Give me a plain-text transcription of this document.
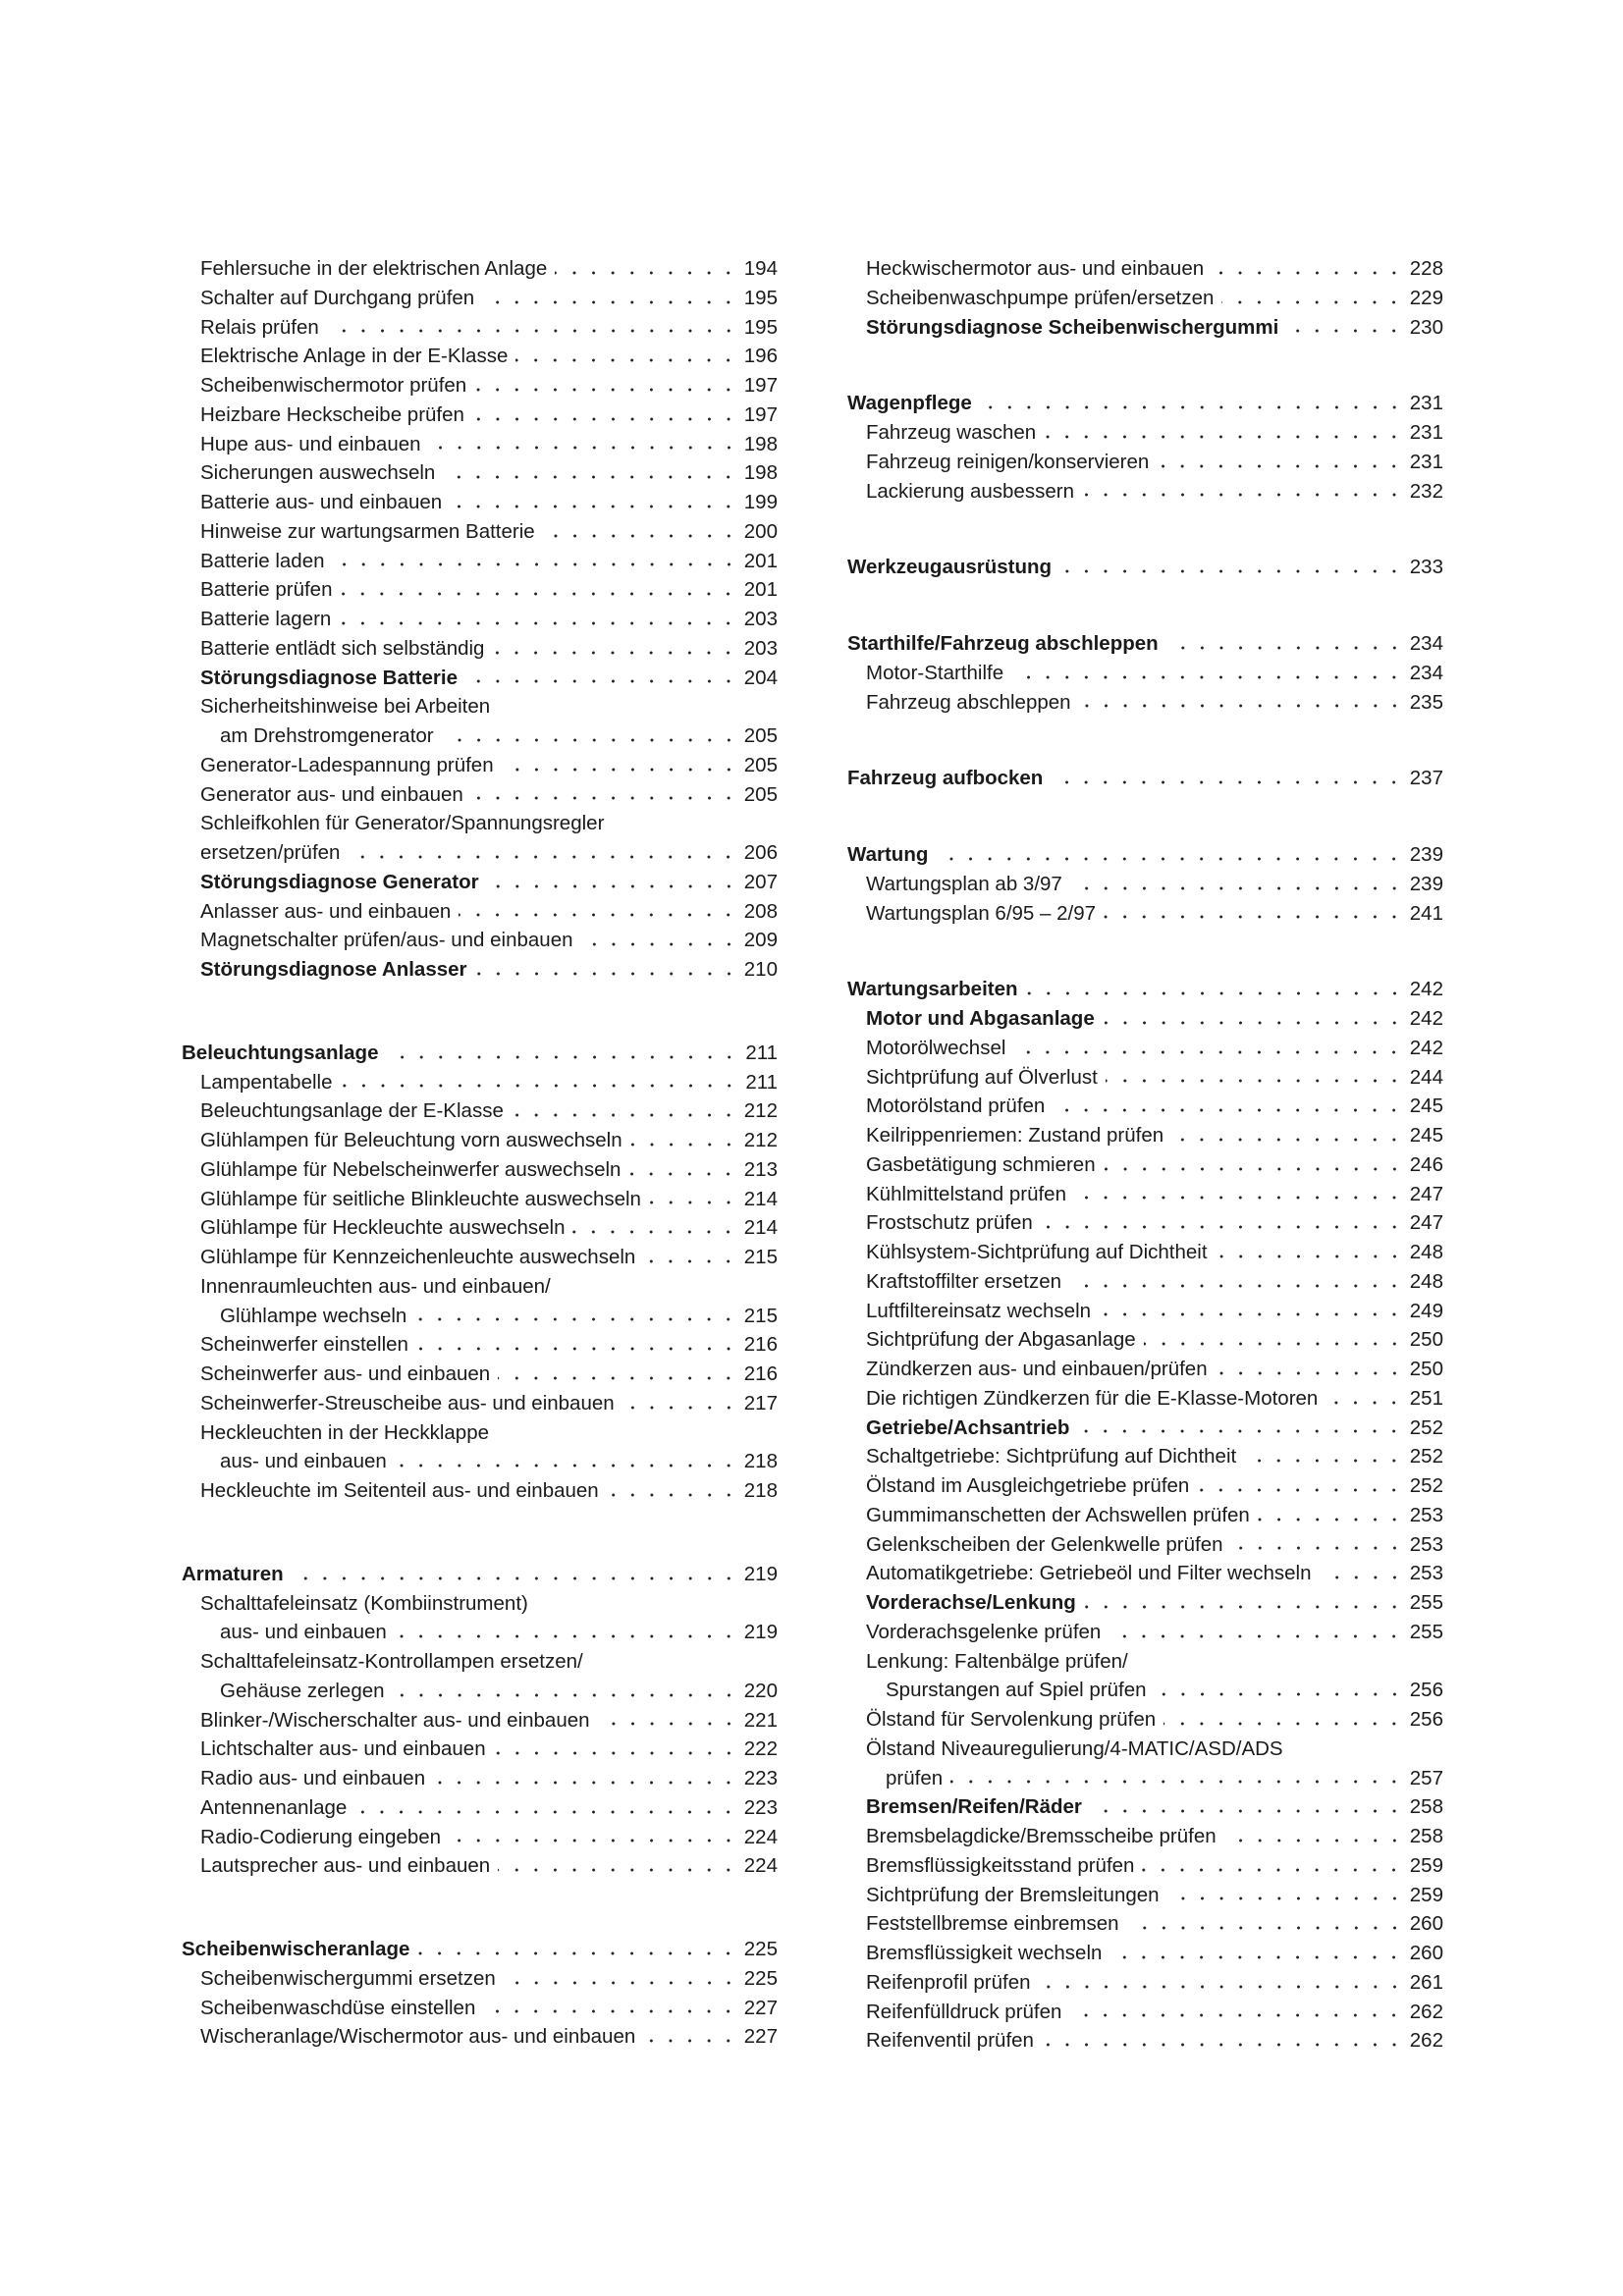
Fehlersuche in der elektrischen Anlage	194
Schalter auf Durchgang prüfen	195
Relais prüfen	195
Elektrische Anlage in der E-Klasse	196
Scheibenwischermotor prüfen	197
Heizbare Heckscheibe prüfen	197
Hupe aus- und einbauen	198
Sicherungen auswechseln	198
Batterie aus- und einbauen	199
Hinweise zur wartungsarmen Batterie	200
Batterie laden	201
Batterie prüfen	201
Batterie lagern	203
Batterie entlädt sich selbständig	203
Störungsdiagnose Batterie	204
Sicherheitshinweise bei Arbeiten
am Drehstromgenerator	205
Generator-Ladespannung prüfen	205
Generator aus- und einbauen	205
Schleifkohlen für Generator/Spannungsregler
ersetzen/prüfen	206
Störungsdiagnose Generator	207
Anlasser aus- und einbauen	208
Magnetschalter prüfen/aus- und einbauen	209
Störungsdiagnose Anlasser	210
Beleuchtungsanlage	211
Lampentabelle	211
Beleuchtungsanlage der E-Klasse	212
Glühlampen für Beleuchtung vorn auswechseln	212
Glühlampe für Nebelscheinwerfer auswechseln	213
Glühlampe für seitliche Blinkleuchte auswechseln	214
Glühlampe für Heckleuchte auswechseln	214
Glühlampe für Kennzeichenleuchte auswechseln	215
Innenraumleuchten aus- und einbauen/
Glühlampe wechseln	215
Scheinwerfer einstellen	216
Scheinwerfer aus- und einbauen	216
Scheinwerfer-Streuscheibe aus- und einbauen	217
Heckleuchten in der Heckklappe
aus- und einbauen	218
Heckleuchte im Seitenteil aus- und einbauen	218
Armaturen	219
Schalttafeleinsatz (Kombiinstrument)
aus- und einbauen	219
Schalttafeleinsatz-Kontrollampen ersetzen/
Gehäuse zerlegen	220
Blinker-/Wischerschalter aus- und einbauen	221
Lichtschalter aus- und einbauen	222
Radio aus- und einbauen	223
Antennenanlage	223
Radio-Codierung eingeben	224
Lautsprecher aus- und einbauen	224
Scheibenwischeranlage	225
Scheibenwischergummi ersetzen	225
Scheibenwaschdüse einstellen	227
Wischeranlage/Wischermotor aus- und einbauen	227
Heckwischermotor aus- und einbauen	228
Scheibenwaschpumpe prüfen/ersetzen	229
Störungsdiagnose Scheibenwischergummi	230
Wagenpflege	231
Fahrzeug waschen	231
Fahrzeug reinigen/konservieren	231
Lackierung ausbessern	232
Werkzeugausrüstung	233
Starthilfe/Fahrzeug abschleppen	234
Motor-Starthilfe	234
Fahrzeug abschleppen	235
Fahrzeug aufbocken	237
Wartung	239
Wartungsplan ab 3/97	239
Wartungsplan 6/95 – 2/97	241
Wartungsarbeiten	242
Motor und Abgasanlage	242
Motorölwechsel	242
Sichtprüfung auf Ölverlust	244
Motorölstand prüfen	245
Keilrippenriemen: Zustand prüfen	245
Gasbetätigung schmieren	246
Kühlmittelstand prüfen	247
Frostschutz prüfen	247
Kühlsystem-Sichtprüfung auf Dichtheit	248
Kraftstoffilter ersetzen	248
Luftfiltereinsatz wechseln	249
Sichtprüfung der Abgasanlage	250
Zündkerzen aus- und einbauen/prüfen	250
Die richtigen Zündkerzen für die E-Klasse-Motoren	251
Getriebe/Achsantrieb	252
Schaltgetriebe: Sichtprüfung auf Dichtheit	252
Ölstand im Ausgleichgetriebe prüfen	252
Gummimanschetten der Achswellen prüfen	253
Gelenkscheiben der Gelenkwelle prüfen	253
Automatikgetriebe: Getriebeöl und Filter wechseln	253
Vorderachse/Lenkung	255
Vorderachsgelenke prüfen	255
Lenkung: Faltenbälge prüfen/
Spurstangen auf Spiel prüfen	256
Ölstand für Servolenkung prüfen	256
Ölstand Niveauregulierung/4-MATIC/ASD/ADS
prüfen	257
Bremsen/Reifen/Räder	258
Bremsbelagdicke/Bremsscheibe prüfen	258
Bremsflüssigkeitsstand prüfen	259
Sichtprüfung der Bremsleitungen	259
Feststellbremse einbremsen	260
Bremsflüssigkeit wechseln	260
Reifenprofil prüfen	261
Reifenfülldruck prüfen	262
Reifenventil prüfen	262
